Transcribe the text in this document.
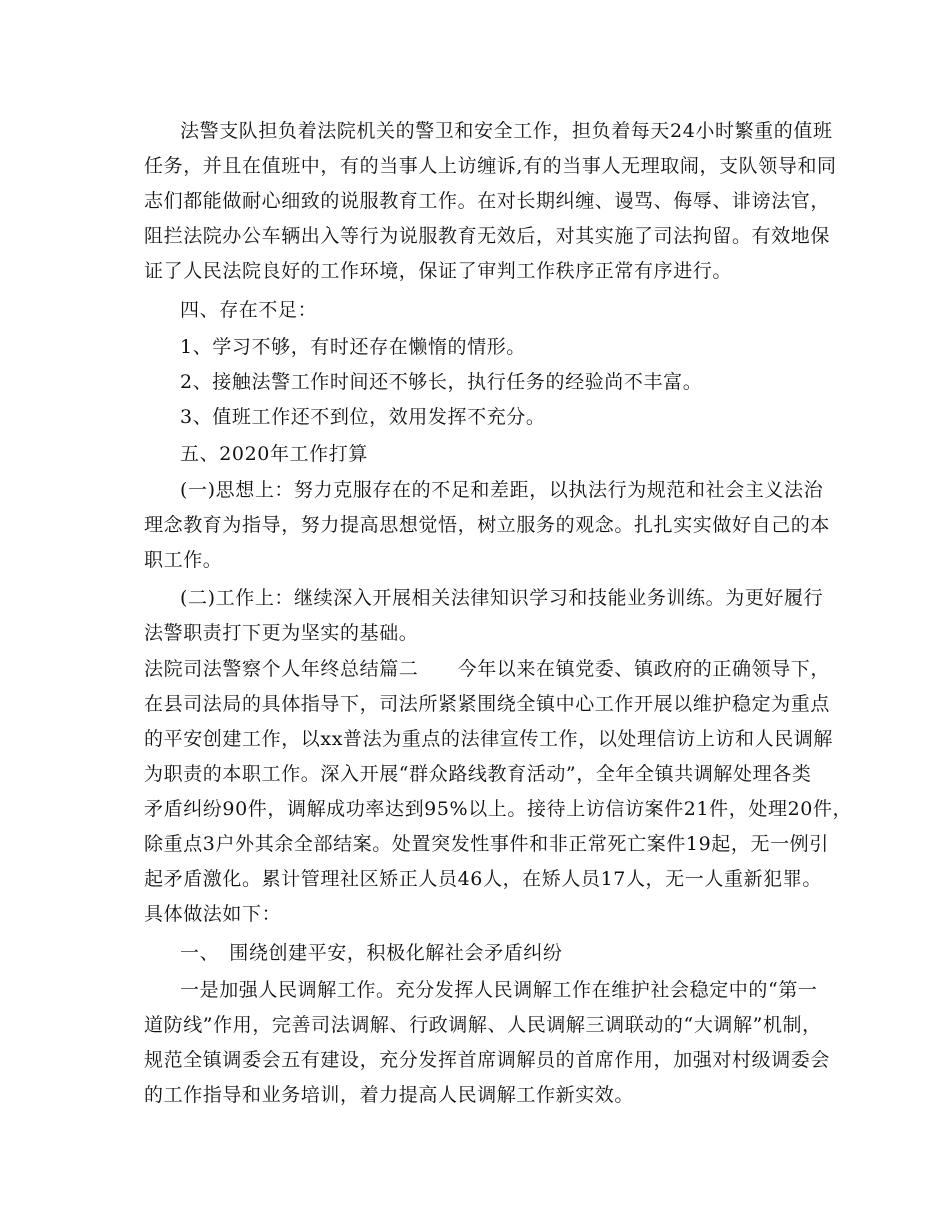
法警支队担负着法院机关的警卫和安全工作，担负着每天24小时繁重的值班
任务，并且在值班中，有的当事人上访缠诉,有的当事人无理取闹，支队领导和同
志们都能做耐心细致的说服教育工作。在对长期纠缠、谩骂、侮辱、诽谤法官，
阻拦法院办公车辆出入等行为说服教育无效后，对其实施了司法拘留。有效地保
证了人民法院良好的工作环境，保证了审判工作秩序正常有序进行。
四、存在不足：
1、学习不够，有时还存在懒惰的情形。
2、接触法警工作时间还不够长，执行任务的经验尚不丰富。
3、值班工作还不到位，效用发挥不充分。
五、2020年工作打算
(一)思想上：努力克服存在的不足和差距，以执法行为规范和社会主义法治
理念教育为指导，努力提高思想觉悟，树立服务的观念。扎扎实实做好自己的本
职工作。
(二)工作上：继续深入开展相关法律知识学习和技能业务训练。为更好履行
法警职责打下更为坚实的基础。
法院司法警察个人年终总结篇二　　今年以来在镇党委、镇政府的正确领导下，
在县司法局的具体指导下，司法所紧紧围绕全镇中心工作开展以维护稳定为重点
的平安创建工作，以xx普法为重点的法律宣传工作，以处理信访上访和人民调解
为职责的本职工作。深入开展“群众路线教育活动”，全年全镇共调解处理各类
矛盾纠纷90件，调解成功率达到95%以上。接待上访信访案件21件，处理20件，
除重点3户外其余全部结案。处置突发性事件和非正常死亡案件19起，无一例引
起矛盾激化。累计管理社区矫正人员46人，在矫人员17人，无一人重新犯罪。
具体做法如下：
一、　围绕创建平安，积极化解社会矛盾纠纷
一是加强人民调解工作。充分发挥人民调解工作在维护社会稳定中的“第一
道防线”作用，完善司法调解、行政调解、人民调解三调联动的“大调解”机制，
规范全镇调委会五有建设，充分发挥首席调解员的首席作用，加强对村级调委会
的工作指导和业务培训，着力提高人民调解工作新实效。
